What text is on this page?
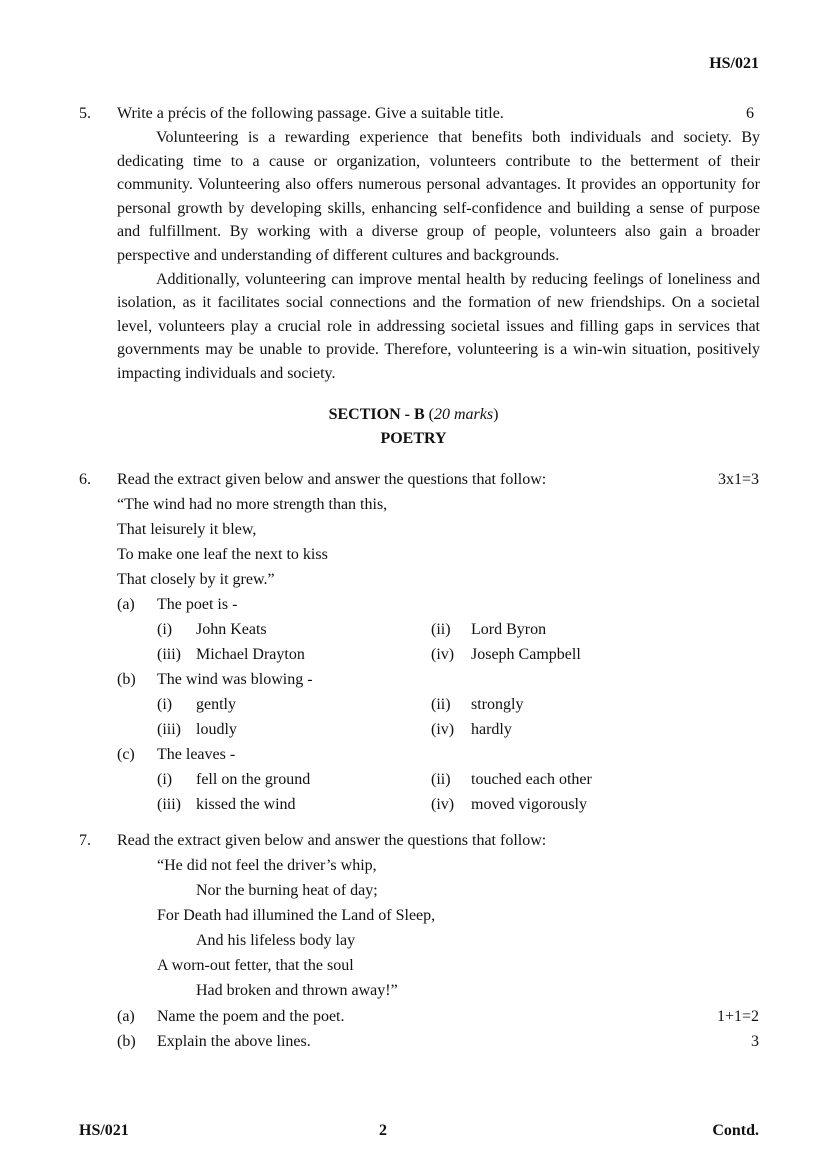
HS/021
5. Write a précis of the following passage. Give a suitable title.	6

Volunteering is a rewarding experience that benefits both individuals and society. By dedicating time to a cause or organization, volunteers contribute to the betterment of their community. Volunteering also offers numerous personal advantages. It provides an opportunity for personal growth by developing skills, enhancing self-confidence and building a sense of purpose and fulfillment. By working with a diverse group of people, volunteers also gain a broader perspective and understanding of different cultures and backgrounds.

Additionally, volunteering can improve mental health by reducing feelings of loneliness and isolation, as it facilitates social connections and the formation of new friendships. On a societal level, volunteers play a crucial role in addressing societal issues and filling gaps in services that governments may be unable to provide. Therefore, volunteering is a win-win situation, positively impacting individuals and society.

SECTION - B (20 marks)
POETRY
6. Read the extract given below and answer the questions that follow:	3x1=3
“The wind had no more strength than this,
That leisurely it blew,
To make one leaf the next to kiss
That closely by it grew.”
(a) The poet is -
(i) John Keats	(ii) Lord Byron
(iii) Michael Drayton	(iv) Joseph Campbell
(b) The wind was blowing -
(i) gently	(ii) strongly
(iii) loudly	(iv) hardly
(c) The leaves -
(i) fell on the ground	(ii) touched each other
(iii) kissed the wind	(iv) moved vigorously
7. Read the extract given below and answer the questions that follow:
“He did not feel the driver’s whip,
Nor the burning heat of day;
For Death had illumined the Land of Sleep,
And his lifeless body lay
A worn-out fetter, that the soul
Had broken and thrown away!”
(a) Name the poem and the poet.	1+1=2
(b) Explain the above lines.	3
HS/021	2	Contd.
